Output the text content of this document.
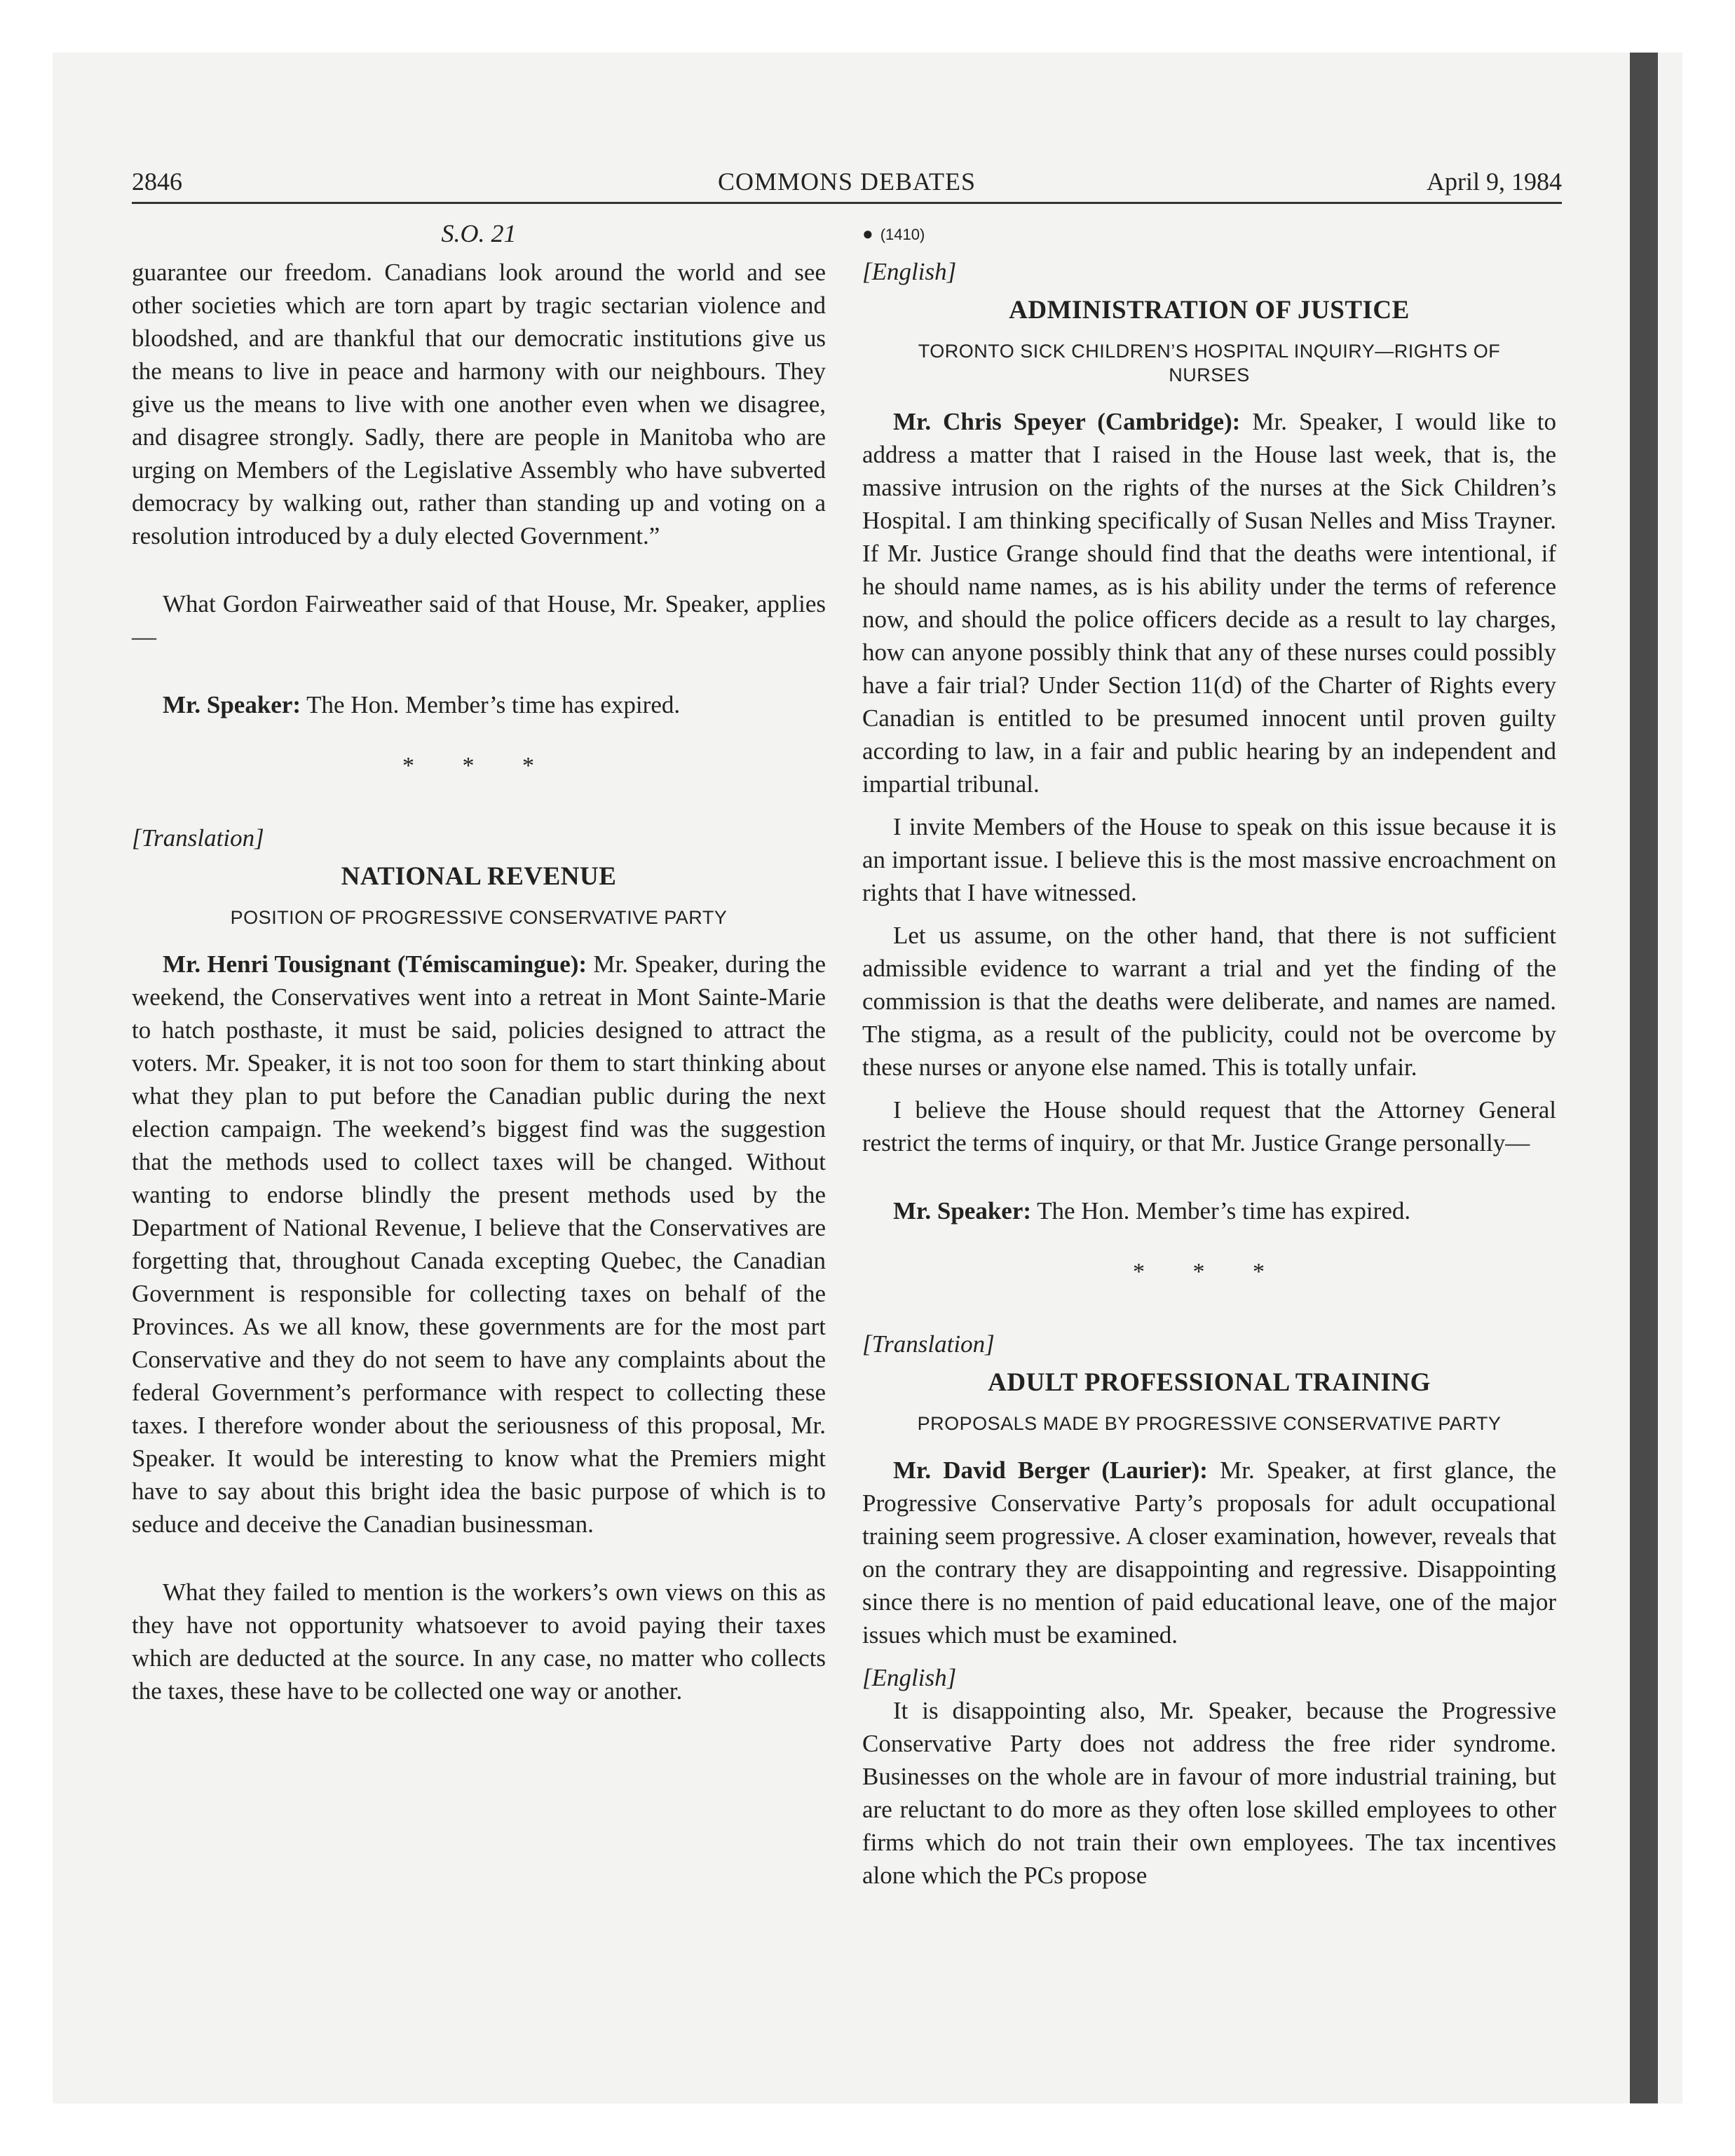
2846	COMMONS DEBATES	April 9, 1984
S.O. 21

guarantee our freedom. Canadians look around the world and see other societies which are torn apart by tragic sectarian violence and bloodshed, and are thankful that our democratic institutions give us the means to live in peace and harmony with our neighbours. They give us the means to live with one another even when we disagree, and disagree strongly. Sadly, there are people in Manitoba who are urging on Members of the Legislative Assembly who have subverted democracy by walking out, rather than standing up and voting on a resolution introduced by a duly elected Government.”

What Gordon Fairweather said of that House, Mr. Speaker, applies—

Mr. Speaker: The Hon. Member’s time has expired.

* * *
[Translation]
NATIONAL REVENUE
POSITION OF PROGRESSIVE CONSERVATIVE PARTY

Mr. Henri Tousignant (Témiscamingue): Mr. Speaker, during the weekend, the Conservatives went into a retreat in Mont Sainte-Marie to hatch posthaste, it must be said, policies designed to attract the voters. Mr. Speaker, it is not too soon for them to start thinking about what they plan to put before the Canadian public during the next election campaign. The weekend’s biggest find was the suggestion that the methods used to collect taxes will be changed. Without wanting to endorse blindly the present methods used by the Department of National Revenue, I believe that the Conservatives are forgetting that, throughout Canada excepting Quebec, the Canadian Government is responsible for collecting taxes on behalf of the Provinces. As we all know, these governments are for the most part Conservative and they do not seem to have any complaints about the federal Government’s performance with respect to collecting these taxes. I therefore wonder about the seriousness of this proposal, Mr. Speaker. It would be interesting to know what the Premiers might have to say about this bright idea the basic purpose of which is to seduce and deceive the Canadian businessman.

What they failed to mention is the workers’s own views on this as they have not opportunity whatsoever to avoid paying their taxes which are deducted at the source. In any case, no matter who collects the taxes, these have to be collected one way or another.

● (1410)
[English]
ADMINISTRATION OF JUSTICE
TORONTO SICK CHILDREN’S HOSPITAL INQUIRY—RIGHTS OF NURSES

Mr. Chris Speyer (Cambridge): Mr. Speaker, I would like to address a matter that I raised in the House last week, that is, the massive intrusion on the rights of the nurses at the Sick Children’s Hospital. I am thinking specifically of Susan Nelles and Miss Trayner. If Mr. Justice Grange should find that the deaths were intentional, if he should name names, as is his ability under the terms of reference now, and should the police officers decide as a result to lay charges, how can anyone possibly think that any of these nurses could possibly have a fair trial? Under Section 11(d) of the Charter of Rights every Canadian is entitled to be presumed innocent until proven guilty according to law, in a fair and public hearing by an independent and impartial tribunal.

I invite Members of the House to speak on this issue because it is an important issue. I believe this is the most massive encroachment on rights that I have witnessed.

Let us assume, on the other hand, that there is not sufficient admissible evidence to warrant a trial and yet the finding of the commission is that the deaths were deliberate, and names are named. The stigma, as a result of the publicity, could not be overcome by these nurses or anyone else named. This is totally unfair.

I believe the House should request that the Attorney General restrict the terms of inquiry, or that Mr. Justice Grange personally—

Mr. Speaker: The Hon. Member’s time has expired.

* * *
[Translation]
ADULT PROFESSIONAL TRAINING
PROPOSALS MADE BY PROGRESSIVE CONSERVATIVE PARTY

Mr. David Berger (Laurier): Mr. Speaker, at first glance, the Progressive Conservative Party’s proposals for adult occupational training seem progressive. A closer examination, however, reveals that on the contrary they are disappointing and regressive. Disappointing since there is no mention of paid educational leave, one of the major issues which must be examined.

[English]

It is disappointing also, Mr. Speaker, because the Progressive Conservative Party does not address the free rider syndrome. Businesses on the whole are in favour of more industrial training, but are reluctant to do more as they often lose skilled employees to other firms which do not train their own employees. The tax incentives alone which the PCs propose
